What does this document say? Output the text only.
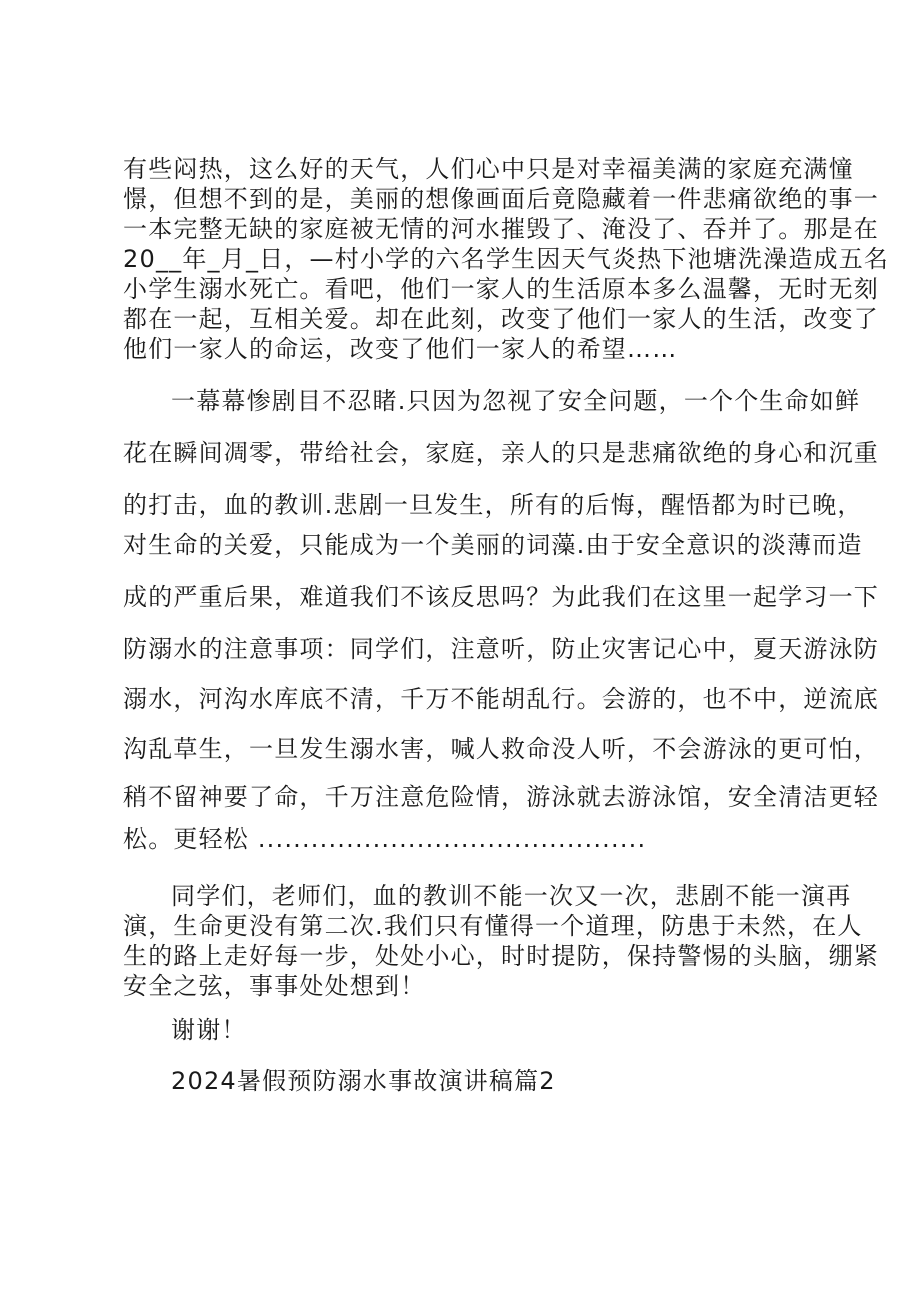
有些闷热，这么好的天气，人们心中只是对幸福美满的家庭充满憧
憬，但想不到的是，美丽的想像画面后竟隐藏着一件悲痛欲绝的事一
一本完整无缺的家庭被无情的河水摧毁了、淹没了、吞并了。那是在
20__年_月_日，—村小学的六名学生因天气炎热下池塘洗澡造成五名
小学生溺水死亡。看吧，他们一家人的生活原本多么温馨，无时无刻
都在一起，互相关爱。却在此刻，改变了他们一家人的生活，改变了
他们一家人的命运，改变了他们一家人的希望……
一幕幕惨剧目不忍睹.只因为忽视了安全问题，一个个生命如鲜
花在瞬间凋零，带给社会，家庭，亲人的只是悲痛欲绝的身心和沉重
的打击，血的教训.悲剧一旦发生，所有的后悔，醒悟都为时已晚，
对生命的关爱，只能成为一个美丽的词藻.由于安全意识的淡薄而造
成的严重后果，难道我们不该反思吗？为此我们在这里一起学习一下
防溺水的注意事项：同学们，注意听，防止灾害记心中，夏天游泳防
溺水，河沟水库底不清，千万不能胡乱行。会游的，也不中，逆流底
沟乱草生，一旦发生溺水害，喊人救命没人听，不会游泳的更可怕，
稍不留神要了命，千万注意危险情，游泳就去游泳馆，安全清洁更轻
松。更轻松 ............................................
同学们，老师们，血的教训不能一次又一次，悲剧不能一演再
演，生命更没有第二次.我们只有懂得一个道理，防患于未然，在人
生的路上走好每一步，处处小心，时时提防，保持警惕的头脑，绷紧
安全之弦，事事处处想到！
谢谢！
2024暑假预防溺水事故演讲稿篇2
